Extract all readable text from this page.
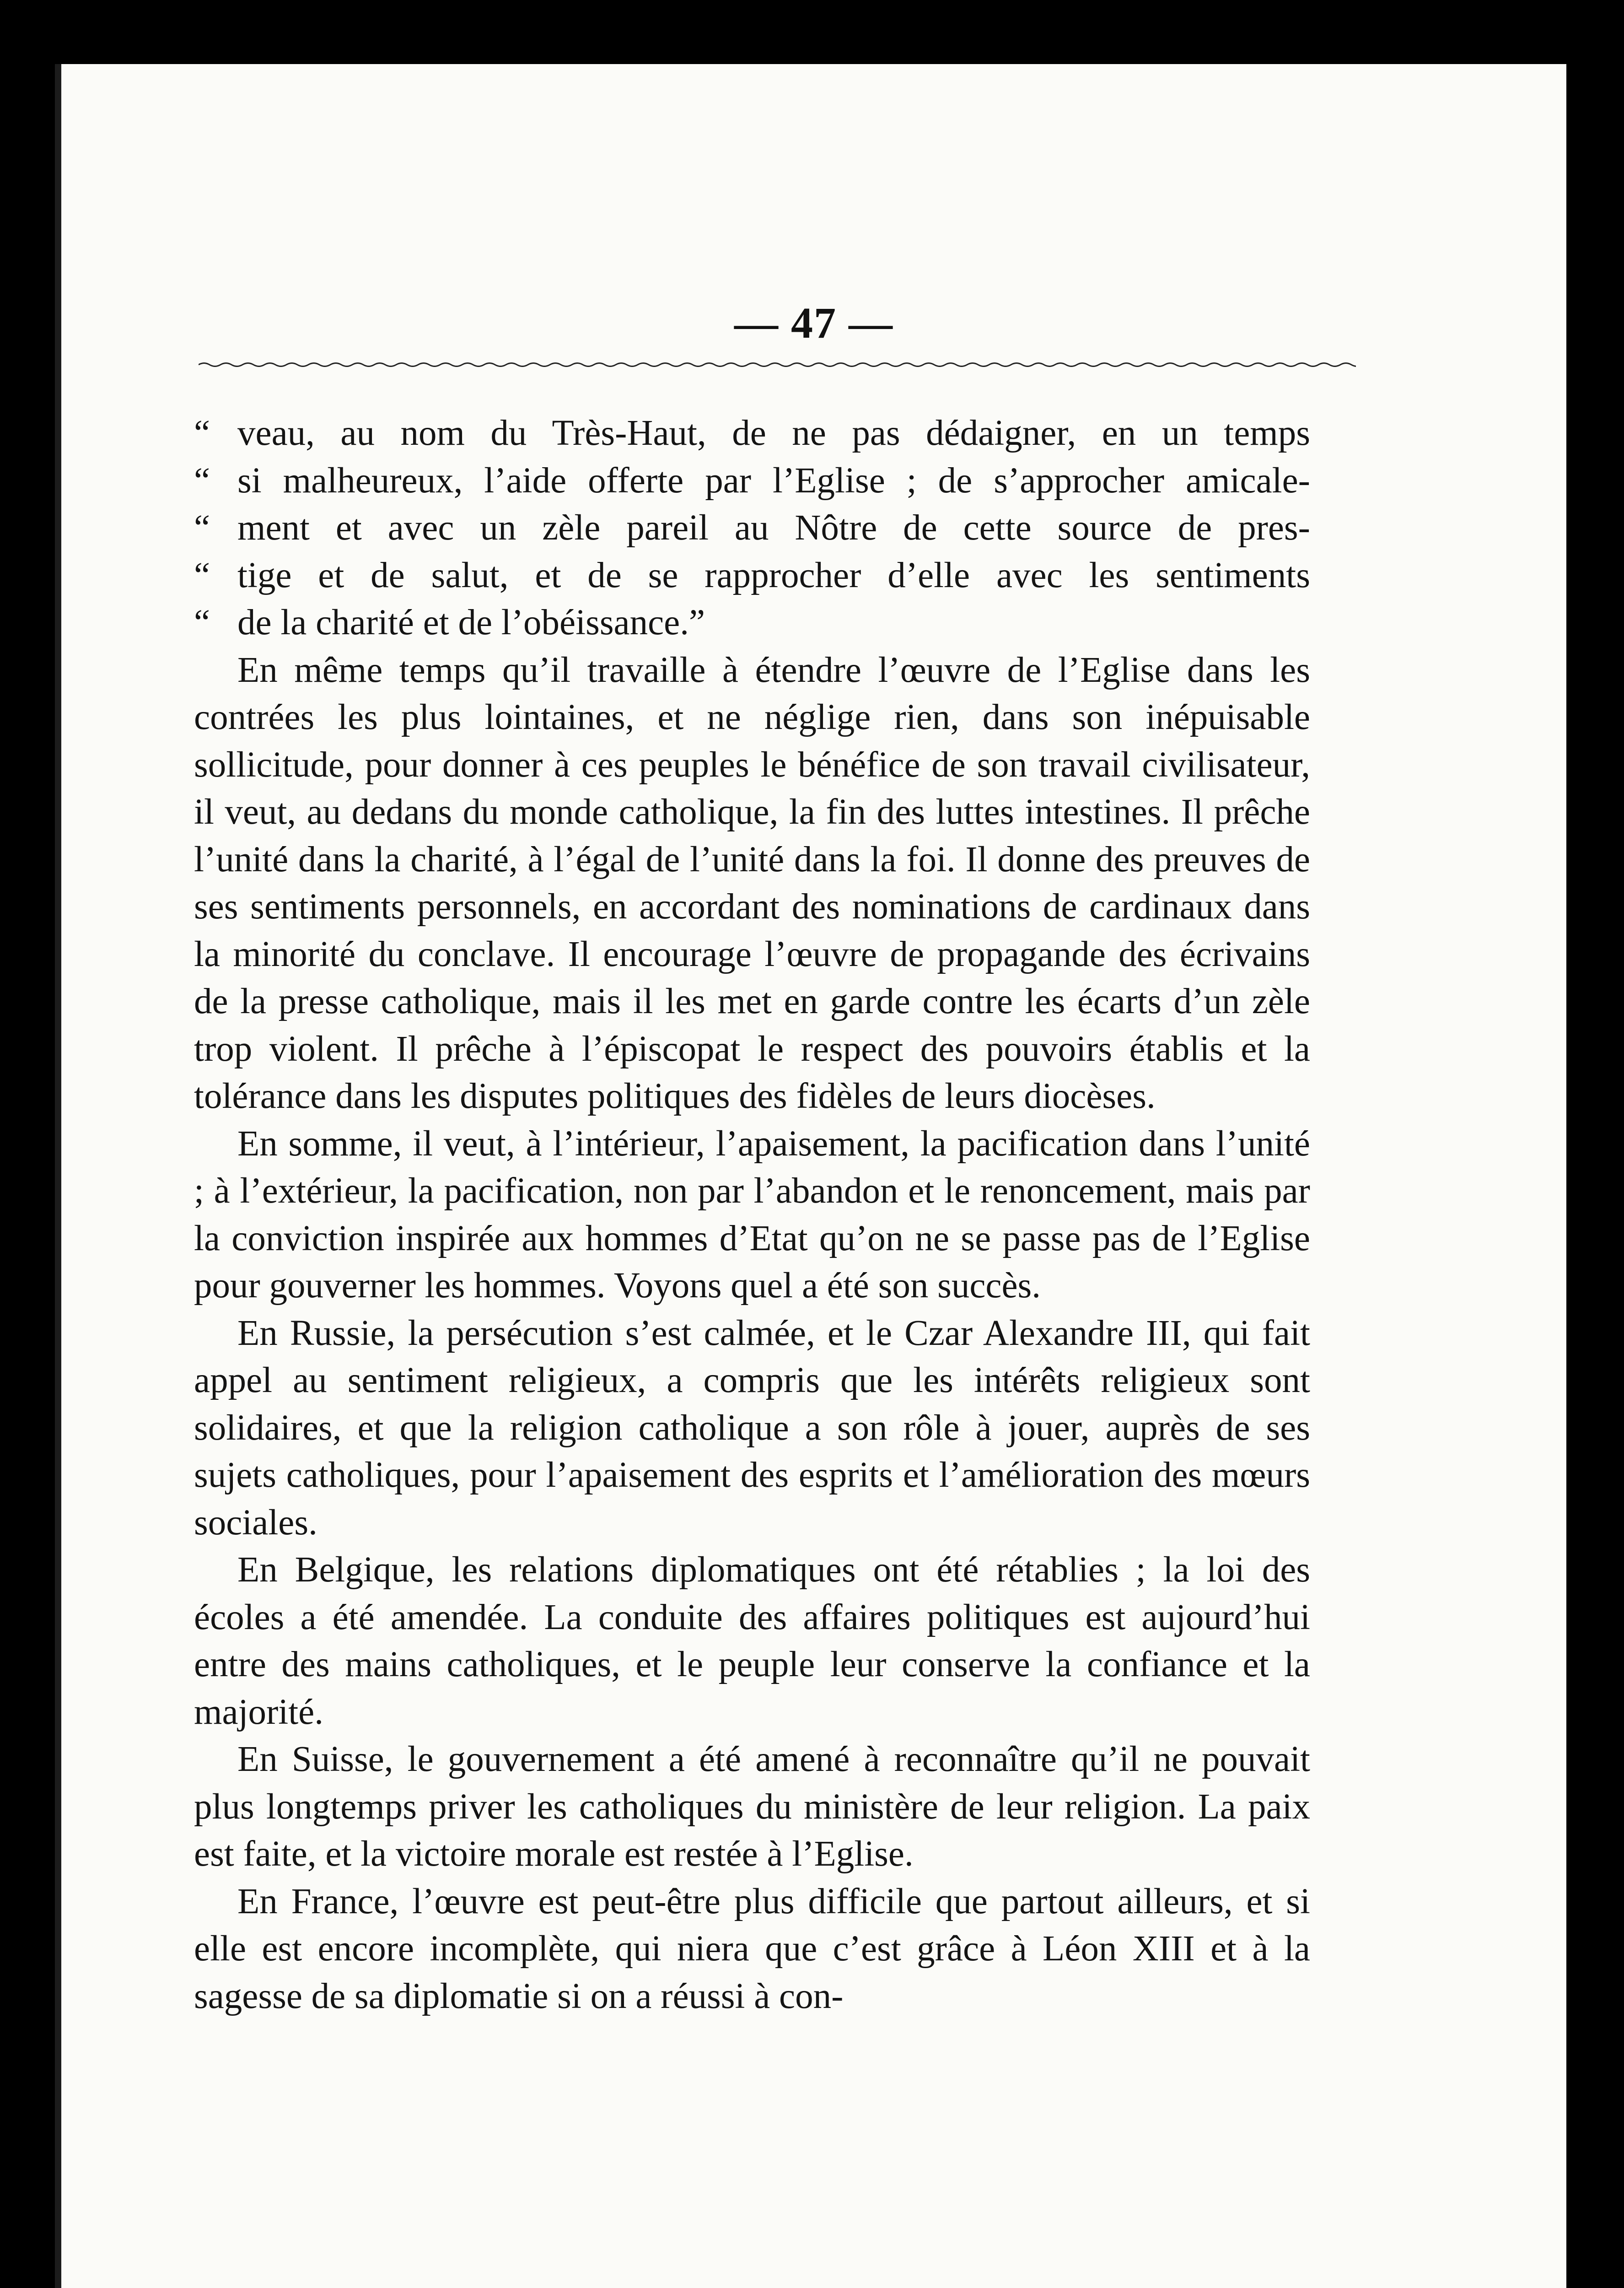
— 47 —

“ veau, au nom du Très-Haut, de ne pas dédaigner, en un temps
“ si malheureux, l’aide offerte par l’Eglise ; de s’approcher amicale-
“ ment et avec un zèle pareil au Nôtre de cette source de pres-
“ tige et de salut, et de se rapprocher d’elle avec les sentiments
“ de la charité et de l’obéissance.”

En même temps qu’il travaille à étendre l’œuvre de l’Eglise dans les contrées les plus lointaines, et ne néglige rien, dans son inépuisable sollicitude, pour donner à ces peuples le bénéfice de son travail civilisateur, il veut, au dedans du monde catholique, la fin des luttes intestines. Il prêche l’unité dans la charité, à l’égal de l’unité dans la foi. Il donne des preuves de ses sentiments personnels, en accordant des nominations de cardinaux dans la minorité du conclave. Il encourage l’œuvre de propagande des écrivains de la presse catholique, mais il les met en garde contre les écarts d’un zèle trop violent. Il prêche à l’épiscopat le respect des pouvoirs établis et la tolérance dans les disputes politiques des fidèles de leurs diocèses.

En somme, il veut, à l’intérieur, l’apaisement, la pacification dans l’unité ; à l’extérieur, la pacification, non par l’abandon et le renoncement, mais par la conviction inspirée aux hommes d’Etat qu’on ne se passe pas de l’Eglise pour gouverner les hommes. Voyons quel a été son succès.

En Russie, la persécution s’est calmée, et le Czar Alexandre III, qui fait appel au sentiment religieux, a compris que les intérêts religieux sont solidaires, et que la religion catholique a son rôle à jouer, auprès de ses sujets catholiques, pour l’apaisement des esprits et l’amélioration des mœurs sociales.

En Belgique, les relations diplomatiques ont été rétablies ; la loi des écoles a été amendée. La conduite des affaires politiques est aujourd’hui entre des mains catholiques, et le peuple leur conserve la confiance et la majorité.

En Suisse, le gouvernement a été amené à reconnaître qu’il ne pouvait plus longtemps priver les catholiques du ministère de leur religion. La paix est faite, et la victoire morale est restée à l’Eglise.

En France, l’œuvre est peut-être plus difficile que partout ailleurs, et si elle est encore incomplète, qui niera que c’est grâce à Léon XIII et à la sagesse de sa diplomatie si on a réussi à con-
